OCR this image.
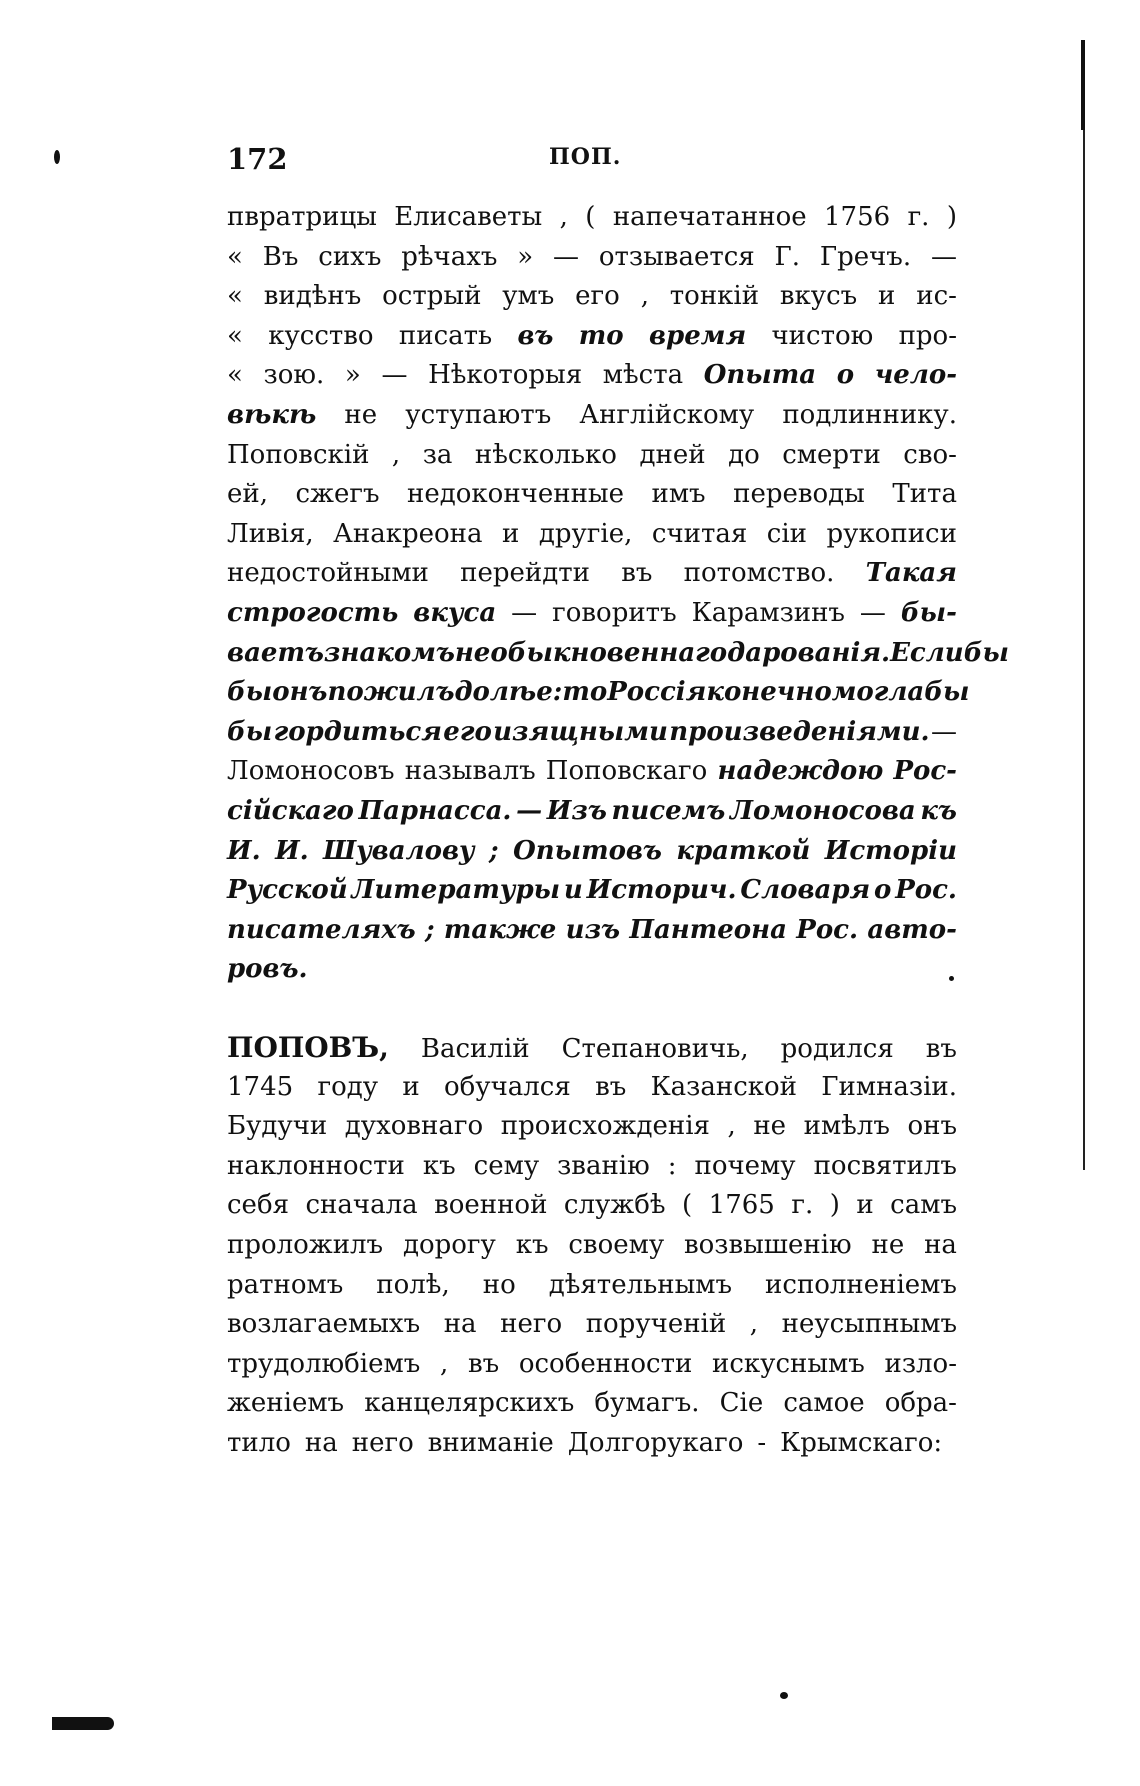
172	ПОП.
пвратрицы Елисаветы , ( напечатанное 1756 г. )
« Въ сихъ рѣчахъ » — отзывается Г. Гречъ. —
« видѣнъ острый умъ его , тонкій вкусъ и ис-
« кусство писать въ то время чистою про-
« зою. » — Нѣкоторыя мѣста Опыта о чело-
вѣкѣ не уступаютъ Англійскому подлиннику.
Поповскій , за нѣсколько дней до смерти сво-
ей, сжегъ недоконченные имъ переводы Тита
Ливія, Анакреона и другіе, считая сіи рукописи
недостойными перейдти въ потомство. Такая
строгость вкуса — говоритъ Карамзинъ — бы-
ваетъ знакомъ необыкновеннаго дарованія. Еслибы
бы онъ пожилъ долѣе : то Россія конечно моглабы
бы гордиться его изящными произведеніями. —
Ломоносовъ называлъ Поповскаго надеждою Рос-
сійскаго Парнасса. — Изъ писемъ Ломоносова къ
И. И. Шувалову ; Опытовъ краткой Исторіи
Русской Литературы и Историч. Словаря о Рос.
писателяхъ ; также изъ Пантеона Рос. авто-
ровъ.
ПОПОВЪ, Василій Степановичь, родился въ
1745 году и обучался въ Казанской Гимназіи.
Будучи духовнаго происхожденія , не имѣлъ онъ
наклонности къ сему званію : почему посвятилъ
себя сначала военной службѣ ( 1765 г. ) и самъ
проложилъ дорогу къ своему возвышенію не на
ратномъ полѣ, но дѣятельнымъ исполненіемъ
возлагаемыхъ на него порученій , неусыпнымъ
трудолюбіемъ , въ особенности искуснымъ изло-
женіемъ канцелярскихъ бумагъ. Сіе самое обра-
тило на него вниманіе Долгорукаго - Крымскаго:
